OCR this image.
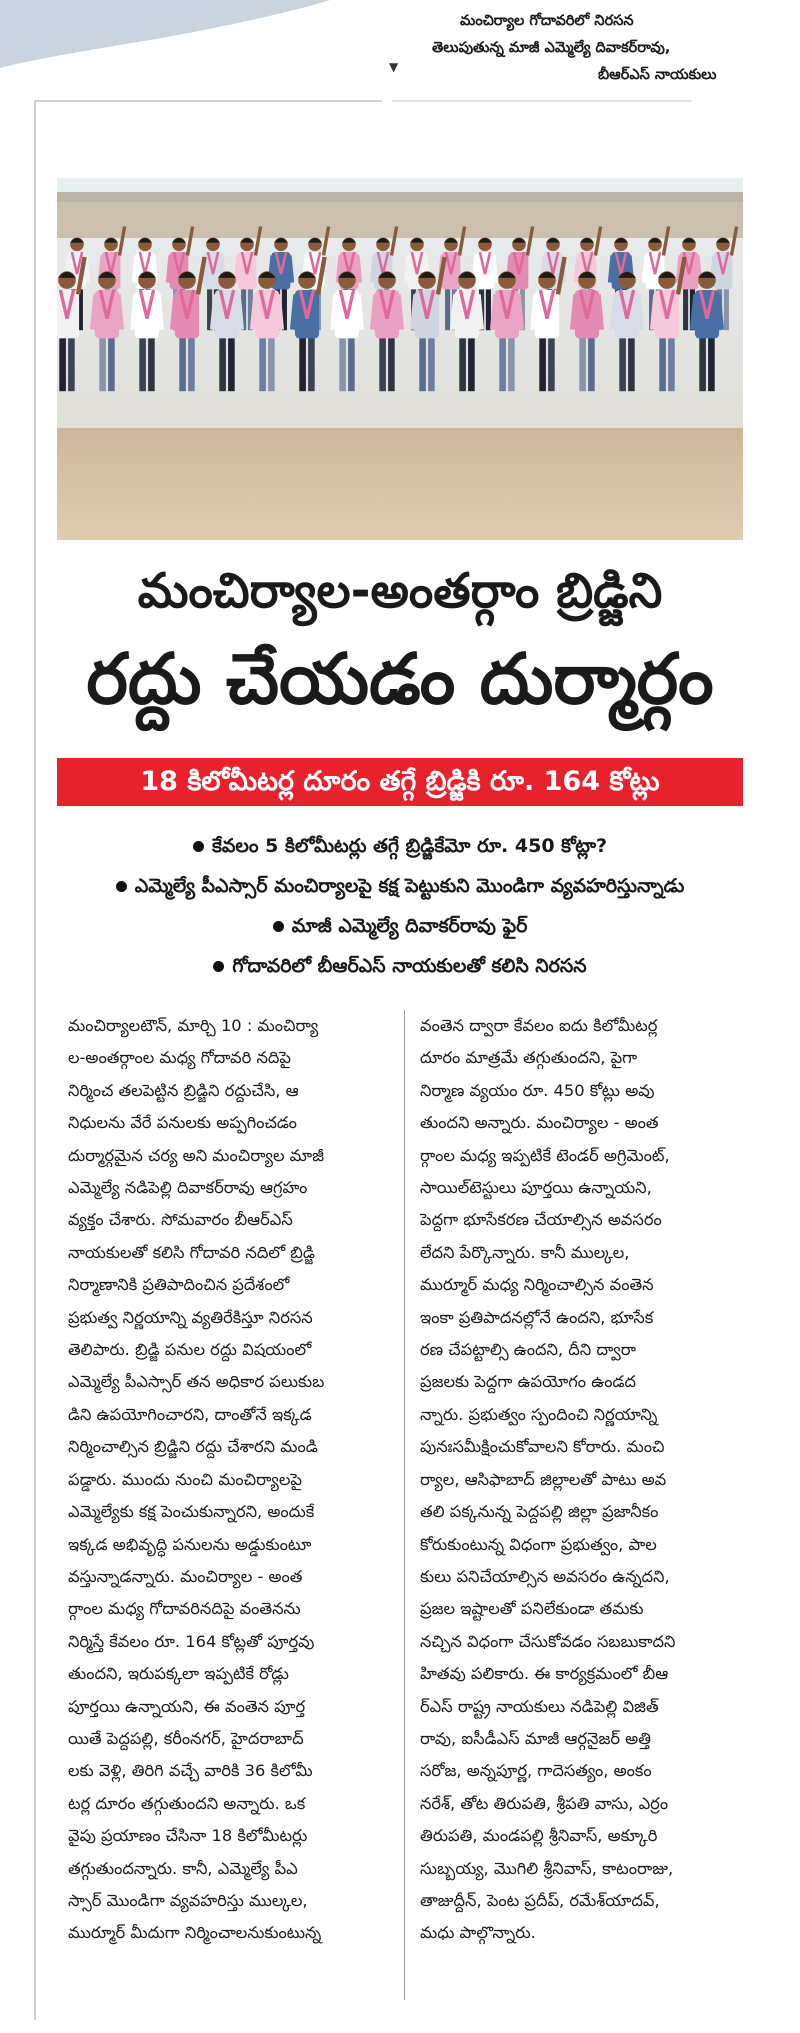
మంచిర్యాల గోదావరిలో నిరసన
తెలుపుతున్న మాజీ ఎమ్మెల్యే దివాకర్‌రావు,
బీఆర్‌ఎస్ నాయకులు
▼
మంచిర్యాల-అంతర్గాం బ్రిడ్జిని
రద్దు చేయడం దుర్మార్గం
18 కిలోమీటర్ల దూరం తగ్గే బ్రిడ్జికి రూ. 164 కోట్లు
కేవలం 5 కిలోమీటర్లు తగ్గే బ్రిడ్జికేమో రూ. 450 కోట్లా?
ఎమ్మెల్యే పీఎస్సార్ మంచిర్యాలపై కక్ష పెట్టుకుని మొండిగా వ్యవహరిస్తున్నాడు
మాజీ ఎమ్మెల్యే దివాకర్‌రావు ఫైర్
గోదావరిలో బీఆర్‌ఎస్ నాయకులతో కలిసి నిరసన
మంచిర్యాలటౌన్, మార్చి 10 : మంచిర్యా
ల-అంతర్గాంల మధ్య గోదావరి నదిపై
నిర్మించ తలపెట్టిన బ్రిడ్జిని రద్దుచేసి, ఆ
నిధులను వేరే పనులకు అప్పగించడం
దుర్మార్గమైన చర్య అని మంచిర్యాల మాజీ
ఎమ్మెల్యే నడిపెల్లి దివాకర్‌రావు ఆగ్రహం
వ్యక్తం చేశారు. సోమవారం బీఆర్‌ఎస్
నాయకులతో కలిసి గోదావరి నదిలో బ్రిడ్జి
నిర్మాణానికి ప్రతిపాదించిన ప్రదేశంలో
ప్రభుత్వ నిర్ణయాన్ని వ్యతిరేకిస్తూ నిరసన
తెలిపారు. బ్రిడ్జి పనుల రద్దు విషయంలో
ఎమ్మెల్యే పీఎస్సార్ తన అధికార పలుకుబ
డిని ఉపయోగించారని, దాంతోనే ఇక్కడ
నిర్మించాల్సిన బ్రిడ్జిని రద్దు చేశారని మండి
పడ్డారు. ముందు నుంచి మంచిర్యాలపై
ఎమ్మెల్యేకు కక్ష పెంచుకున్నారని, అందుకే
ఇక్కడ అభివృద్ధి పనులను అడ్డుకుంటూ
వస్తున్నాడన్నారు. మంచిర్యాల - అంత
ర్గాంల మధ్య గోదావరినదిపై వంతెనను
నిర్మిస్తే కేవలం రూ. 164 కోట్లతో పూర్తవు
తుందని, ఇరుపక్కలా ఇప్పటికే రోడ్లు
పూర్తయి ఉన్నాయని, ఈ వంతెన పూర్త
యితే పెద్దపల్లి, కరీంనగర్, హైదరాబాద్
లకు వెళ్లి, తిరిగి వచ్చే వారికి 36 కిలోమీ
టర్ల దూరం తగ్గుతుందని అన్నారు. ఒక
వైపు ప్రయాణం చేసినా 18 కిలోమీటర్లు
తగ్గుతుందన్నారు. కానీ, ఎమ్మెల్యే పీఎ
స్సార్ మొండిగా వ్యవహరిస్తు ముల్కల,
ముర్మూర్ మీదుగా నిర్మించాలనుకుంటున్న
వంతెన ద్వారా కేవలం ఐదు కిలోమీటర్ల
దూరం మాత్రమే తగ్గుతుందని, పైగా
నిర్మాణ వ్యయం రూ. 450 కోట్లు అవు
తుందని అన్నారు. మంచిర్యాల - అంత
ర్గాంల మధ్య ఇప్పటికే టెండర్ అగ్రిమెంట్,
సాయిల్‌టెస్టులు పూర్తయి ఉన్నాయని,
పెద్దగా భూసేకరణ చేయాల్సిన అవసరం
లేదని పేర్కొన్నారు. కానీ ముల్కల,
ముర్మూర్ మధ్య నిర్మించాల్సిన వంతెన
ఇంకా ప్రతిపాదనల్లోనే ఉందని, భూసేక
రణ చేపట్టాల్సి ఉందని, దీని ద్వారా
ప్రజలకు పెద్దగా ఉపయోగం ఉండద
న్నారు. ప్రభుత్వం స్పందించి నిర్ణయాన్ని
పునఃసమీక్షించుకోవాలని కోరారు. మంచి
ర్యాల, ఆసిఫాబాద్ జిల్లాలతో పాటు అవ
తలి పక్కనున్న పెద్దపల్లి జిల్లా ప్రజానీకం
కోరుకుంటున్న విధంగా ప్రభుత్వం, పాల
కులు పనిచేయాల్సిన అవసరం ఉన్నదని,
ప్రజల ఇష్టాలతో పనిలేకుండా తమకు
నచ్చిన విధంగా చేసుకోవడం సబబుకాదని
హితవు పలికారు. ఈ కార్యక్రమంలో బీఆ
ర్‌ఎస్ రాష్ట్ర నాయకులు నడిపెల్లి విజిత్
రావు, ఐసీడీఎస్ మాజీ ఆర్గనైజర్ అత్తి
సరోజ, అన్నపూర్ణ, గాదెసత్యం, అంకం
నరేశ్, తోట తిరుపతి, శ్రీపతి వాసు, ఎర్రం
తిరుపతి, మండపల్లి శ్రీనివాస్, అక్కూరి
సుబ్బయ్య, మొగిలి శ్రీనివాస్, కాటంరాజు,
తాజుద్దీన్, పెంట ప్రదీప్, రమేశ్‌యాదవ్,
మధు పాల్గొన్నారు.
